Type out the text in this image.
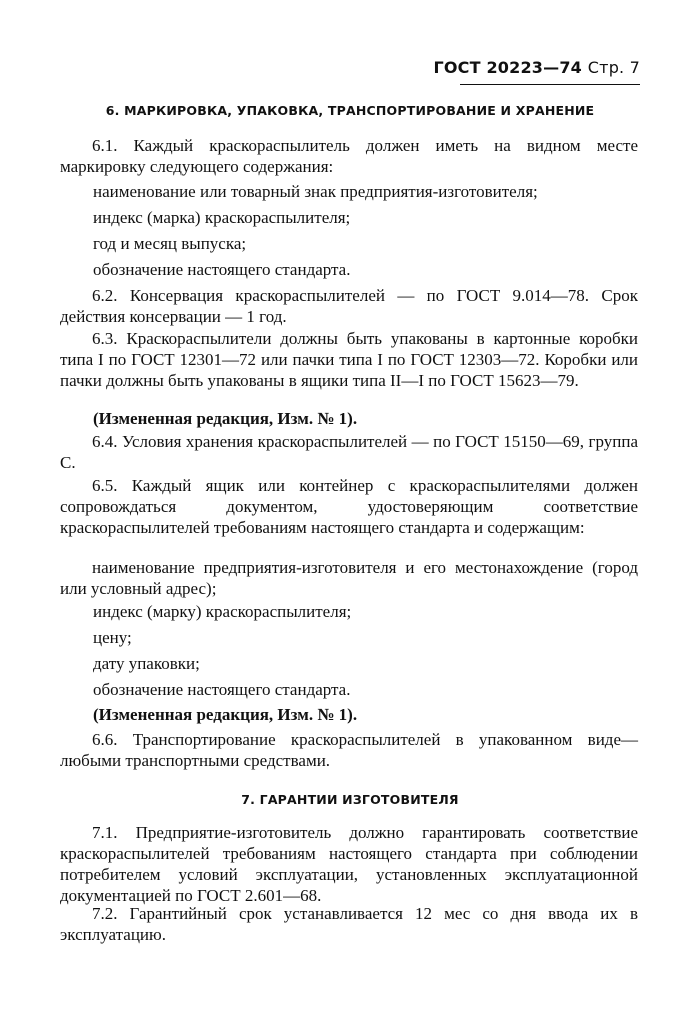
ГОСТ 20223—74 Стр. 7
6. МАРКИРОВКА, УПАКОВКА, ТРАНСПОРТИРОВАНИЕ И ХРАНЕНИЕ
6.1. Каждый краскораспылитель должен иметь на видном месте маркировку следующего содержания:
наименование или товарный знак предприятия-изготовителя;
индекс (марка) краскораспылителя;
год и месяц выпуска;
обозначение настоящего стандарта.
6.2. Консервация краскораспылителей — по ГОСТ 9.014—78. Срок действия консервации — 1 год.
6.3. Краскораспылители должны быть упакованы в картонные коробки типа I по ГОСТ 12301—72 или пачки типа I по ГОСТ 12303—72. Коробки или пачки должны быть упакованы в ящики типа II—I по ГОСТ 15623—79.
(Измененная редакция, Изм. № 1).
6.4. Условия хранения краскораспылителей — по ГОСТ 15150—69, группа С.
6.5. Каждый ящик или контейнер с краскораспылителями должен сопровождаться документом, удостоверяющим соответствие краскораспылителей требованиям настоящего стандарта и содержащим:
наименование предприятия-изготовителя и его местонахождение (город или условный адрес);
индекс (марку) краскораспылителя;
цену;
дату упаковки;
обозначение настоящего стандарта.
(Измененная редакция, Изм. № 1).
6.6. Транспортирование краскораспылителей в упакованном виде—любыми транспортными средствами.
7. ГАРАНТИИ ИЗГОТОВИТЕЛЯ
7.1. Предприятие-изготовитель должно гарантировать соответствие краскораспылителей требованиям настоящего стандарта при соблюдении потребителем условий эксплуатации, установленных эксплуатационной документацией по ГОСТ 2.601—68.
7.2. Гарантийный срок устанавливается 12 мес со дня ввода их в эксплуатацию.
